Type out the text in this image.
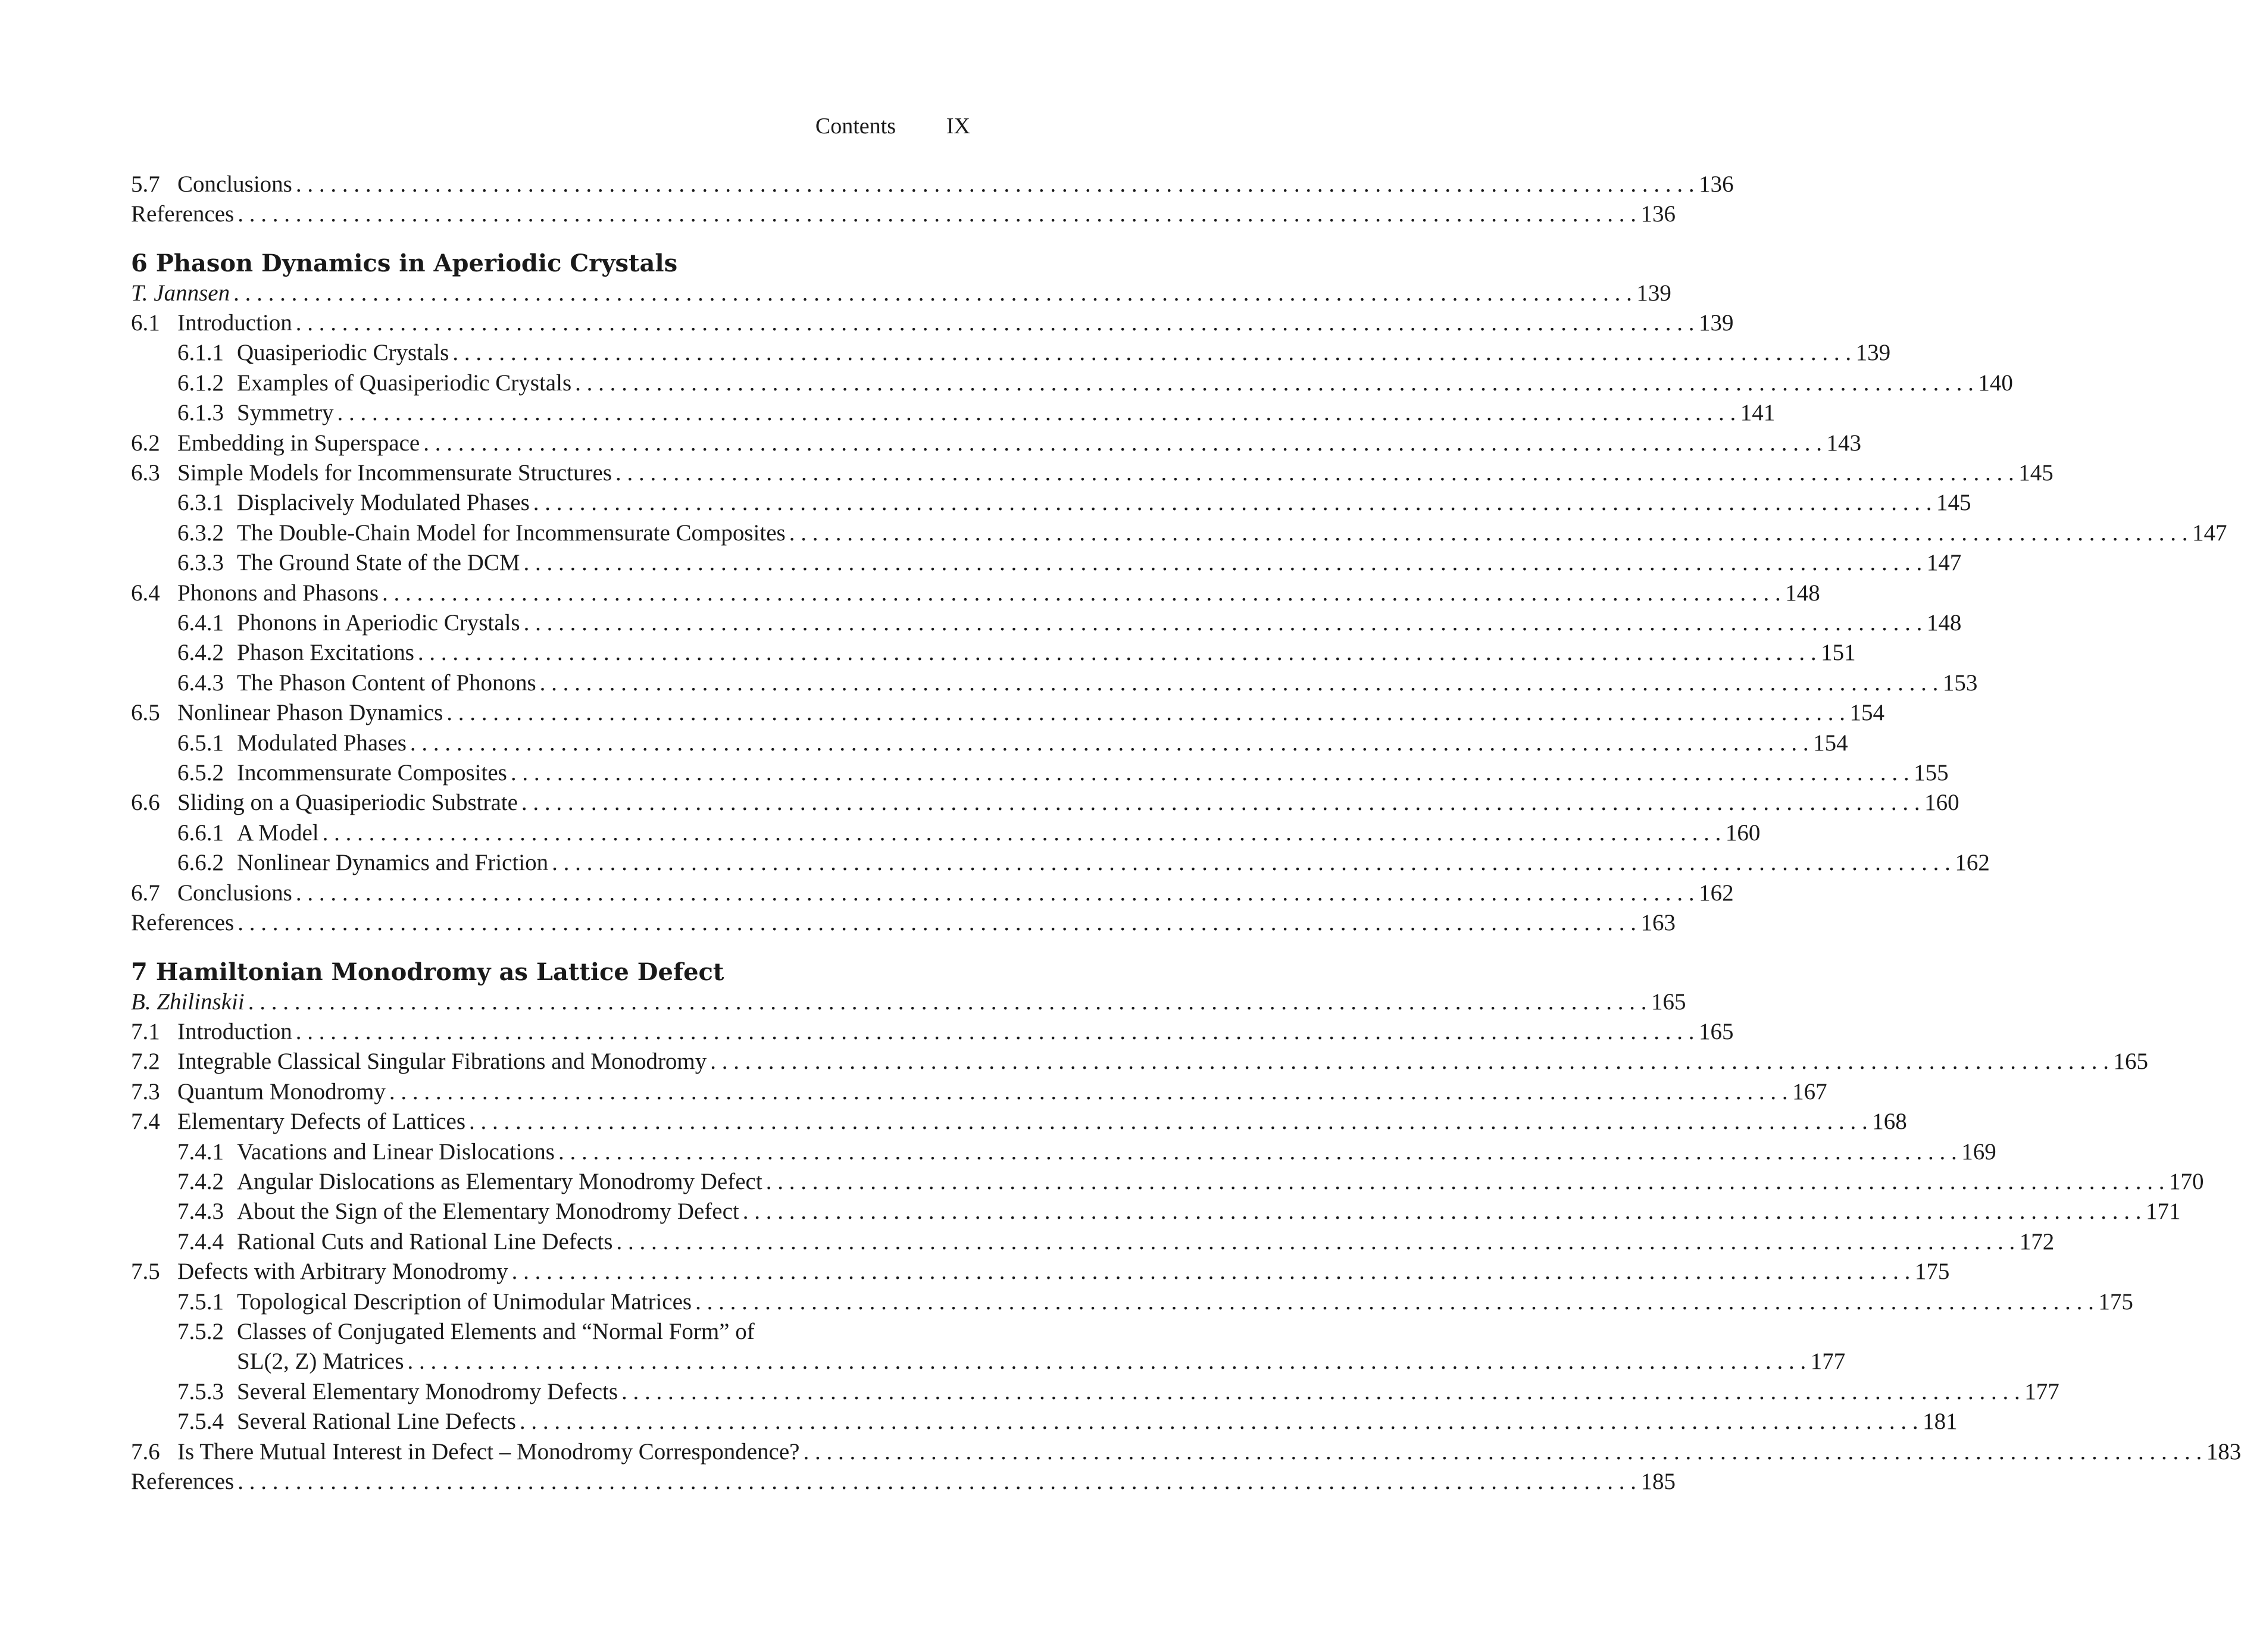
Contents IX
5.7 Conclusions . . .	136
References . . .	136
6 Phason Dynamics in Aperiodic Crystals
T. Jannsen . . .	139
6.1 Introduction . . .	139
6.1.1 Quasiperiodic Crystals . . .	139
6.1.2 Examples of Quasiperiodic Crystals . . .	140
6.1.3 Symmetry . . .	141
6.2 Embedding in Superspace . . .	143
6.3 Simple Models for Incommensurate Structures . . .	145
6.3.1 Displacively Modulated Phases . . .	145
6.3.2 The Double-Chain Model for Incommensurate Composites . . .	147
6.3.3 The Ground State of the DCM . . .	147
6.4 Phonons and Phasons . . .	148
6.4.1 Phonons in Aperiodic Crystals . . .	148
6.4.2 Phason Excitations . . .	151
6.4.3 The Phason Content of Phonons . . .	153
6.5 Nonlinear Phason Dynamics . . .	154
6.5.1 Modulated Phases . . .	154
6.5.2 Incommensurate Composites . . .	155
6.6 Sliding on a Quasiperiodic Substrate . . .	160
6.6.1 A Model . . .	160
6.6.2 Nonlinear Dynamics and Friction . . .	162
6.7 Conclusions . . .	162
References . . .	163
7 Hamiltonian Monodromy as Lattice Defect
B. Zhilinskii . . .	165
7.1 Introduction . . .	165
7.2 Integrable Classical Singular Fibrations and Monodromy . . .	165
7.3 Quantum Monodromy . . .	167
7.4 Elementary Defects of Lattices . . .	168
7.4.1 Vacations and Linear Dislocations . . .	169
7.4.2 Angular Dislocations as Elementary Monodromy Defect . . .	170
7.4.3 About the Sign of the Elementary Monodromy Defect . . .	171
7.4.4 Rational Cuts and Rational Line Defects . . .	172
7.5 Defects with Arbitrary Monodromy . . .	175
7.5.1 Topological Description of Unimodular Matrices . . .	175
7.5.2 Classes of Conjugated Elements and “Normal Form” of
SL(2, Z) Matrices . . .	177
7.5.3 Several Elementary Monodromy Defects . . .	177
7.5.4 Several Rational Line Defects . . .	181
7.6 Is There Mutual Interest in Defect – Monodromy Correspondence? . . .	183
References . . .	185
